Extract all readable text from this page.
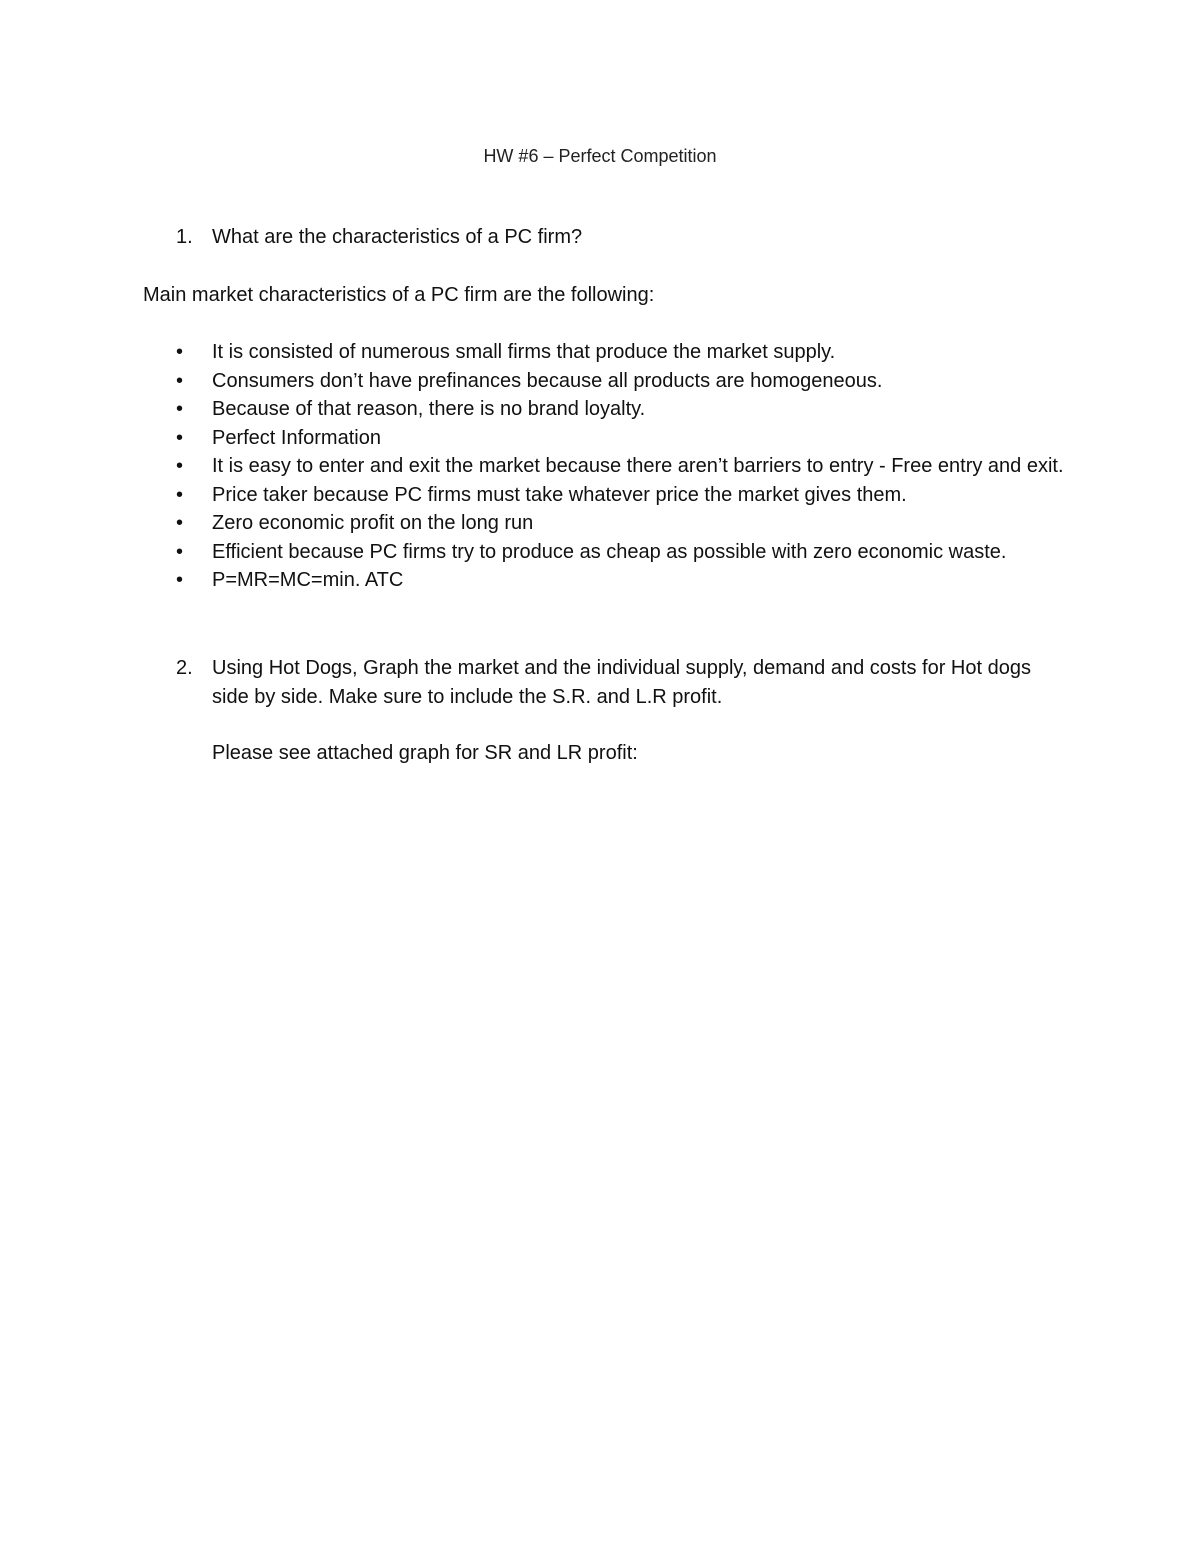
HW #6 – Perfect Competition
1. What are the characteristics of a PC firm?
Main market characteristics of a PC firm are the following:
• It is consisted of numerous small firms that produce the market supply.
• Consumers don’t have prefinances because all products are homogeneous.
• Because of that reason, there is no brand loyalty.
• Perfect Information
• It is easy to enter and exit the market because there aren’t barriers to entry - Free entry and exit.
• Price taker because PC firms must take whatever price the market gives them.
• Zero economic profit on the long run
• Efficient because PC firms try to produce as cheap as possible with zero economic waste.
• P=MR=MC=min. ATC
2. Using Hot Dogs, Graph the market and the individual supply, demand and costs for Hot dogs side by side. Make sure to include the S.R. and L.R profit.
Please see attached graph for SR and LR profit:
